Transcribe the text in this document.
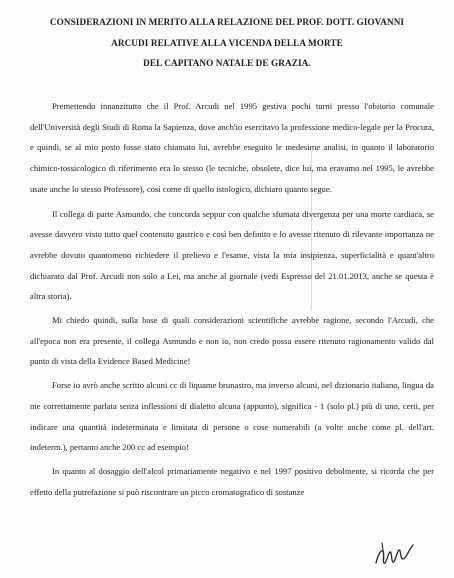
CONSIDERAZIONI IN MERITO ALLA RELAZIONE DEL PROF. DOTT. GIOVANNI
ARCUDI RELATIVE ALLA VICENDA DELLA MORTE
DEL CAPITANO NATALE DE GRAZIA.

Premettendo innanzitutto che il Prof. Arcudi nel 1995 gestiva pochi turni presso l'obitorio comunale dell'Università degli Studi di Roma la Sapienza, dove anch'io esercitavo la professione medico-legale per la Procura, e quindi, se al mio posto fosse stato chiamato lui, avrebbe eseguito le medesime analisi, in quanto il laboratorio chimico-tossicologico di riferimento era lo stesso (le tecniche, obsolete, dice lui, ma eravamo nel 1995, le avrebbe usate anche lo stesso Professore), così come di quello istologico, dichiaro quanto segue.

Il collega di parte Asmundo, che concorda seppur con qualche sfumata divergenza per una morte cardiaca, se avesse davvero visto tutto quel contenuto gastrico e così ben definito e lo avesse ritenuto di rilevante importanza ne avrebbe dovuto quantomeno richiedere il prelievo e l'esame, vista la mia insipienza, superficialità e quant'altro dichiarato dal Prof. Arcudi non solo a Lei, ma anche al giornale (vedi Espresso del 21.01.2013, anche se questa è altra storia).

Mi chiedo quindi, sulla base di quali considerazioni scientifiche avrebbe ragione, secondo l'Arcudi, che all'epoca non era presente, il collega Asmundo e non io, non credo possa essere ritenuto ragionamento valido dal punto di vista della Evidence Based Medicine!

Forse io avrò anche scritto alcuni cc di liquame brunastro, ma inverso alcuni, nel dizionario italiano, lingua da me correttamente parlata senza inflessioni di dialetto alcuna (appunto), significa - 1 (solo pl.) più di uno, certi, per indicare una quantità indeterminata e limitata di persone o cose numerabili (a volte anche come pl. dell'art. indeterm.), pertanto anche 200 cc ad esempio!

In quanto al dosaggio dell'alcol primariamente negativo e nel 1997 positivo debolmente, si ricorda che per effetto della putrefazione si può riscontrare un picco cromatografico di sostanze
